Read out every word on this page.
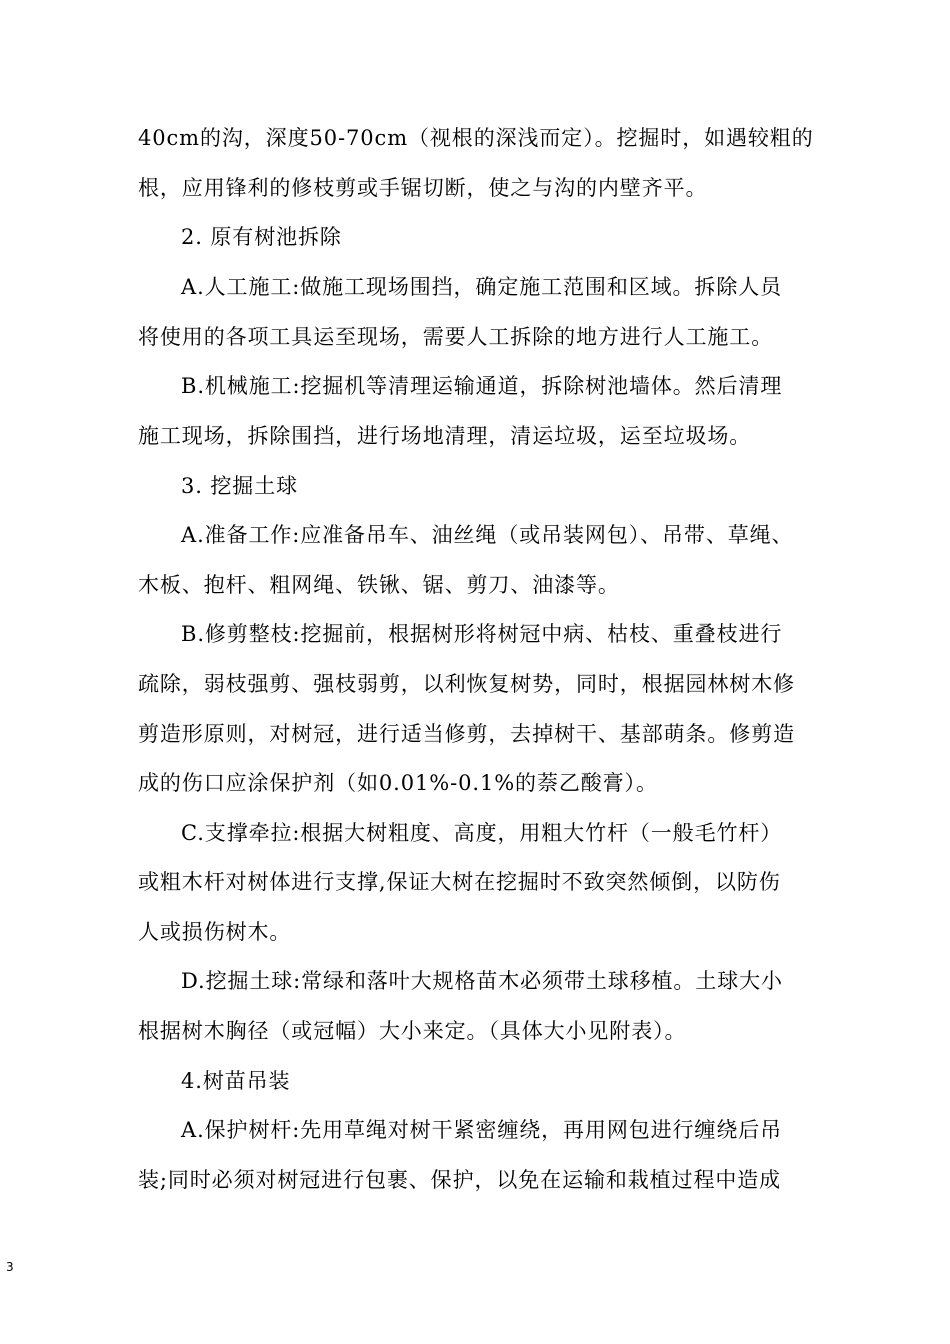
40cm的沟，深度50-70cm（视根的深浅而定）。挖掘时，如遇较粗的
根，应用锋利的修枝剪或手锯切断，使之与沟的内壁齐平。
2. 原有树池拆除
A.人工施工:做施工现场围挡，确定施工范围和区域。拆除人员
将使用的各项工具运至现场，需要人工拆除的地方进行人工施工。
B.机械施工:挖掘机等清理运输通道，拆除树池墙体。然后清理
施工现场，拆除围挡，进行场地清理，清运垃圾，运至垃圾场。
3. 挖掘土球
A.准备工作:应准备吊车、油丝绳（或吊装网包）、吊带、草绳、
木板、抱杆、粗网绳、铁锹、锯、剪刀、油漆等。
B.修剪整枝:挖掘前，根据树形将树冠中病、枯枝、重叠枝进行
疏除，弱枝强剪、强枝弱剪，以利恢复树势，同时，根据园林树木修
剪造形原则，对树冠，进行适当修剪，去掉树干、基部萌条。修剪造
成的伤口应涂保护剂（如0.01%-0.1%的萘乙酸膏）。
C.支撑牵拉:根据大树粗度、高度，用粗大竹杆（一般毛竹杆）
或粗木杆对树体进行支撑,保证大树在挖掘时不致突然倾倒，以防伤
人或损伤树木。
D.挖掘土球:常绿和落叶大规格苗木必须带土球移植。土球大小
根据树木胸径（或冠幅）大小来定。（具体大小见附表）。
4.树苗吊装
A.保护树杆:先用草绳对树干紧密缠绕，再用网包进行缠绕后吊
装;同时必须对树冠进行包裹、保护，以免在运输和栽植过程中造成
3
